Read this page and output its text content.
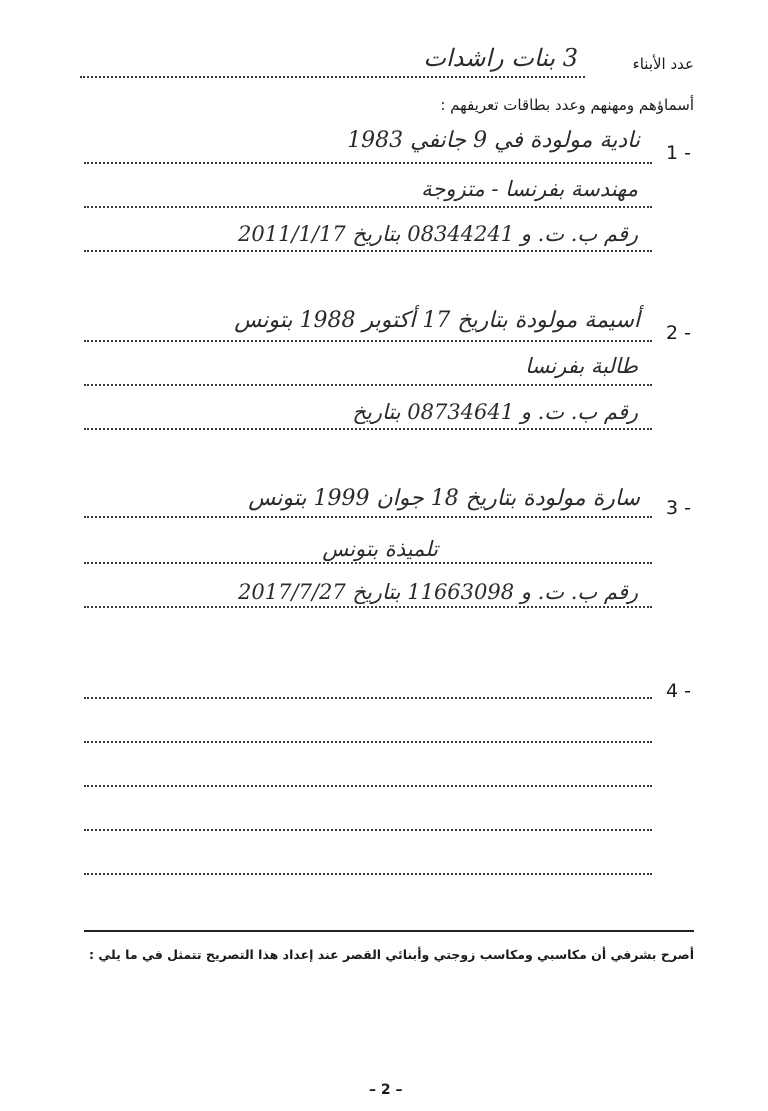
عدد الأبناء
3 بنات راشدات
أسماؤهم ومهنهم وعدد بطاقات تعريفهم :
1 -
نادية مولودة في 9 جانفي 1983
مهندسة بفرنسا - متزوجة
رقم ب. ت. و 08344241 بتاريخ 2011/1/17
2 -
أسيمة مولودة بتاريخ 17 أكتوبر 1988 بتونس
طالبة بفرنسا
رقم ب. ت. و 08734641 بتاريخ
3 -
سارة مولودة بتاريخ 18 جوان 1999 بتونس
تلميذة بتونس
رقم ب. ت. و 11663098 بتاريخ 2017/7/27
4 -
أصرح بشرفي أن مكاسبي ومكاسب زوجتي وأبنائي القصر عند إعداد هذا التصريح تتمثل في ما يلي :
– 2 –
